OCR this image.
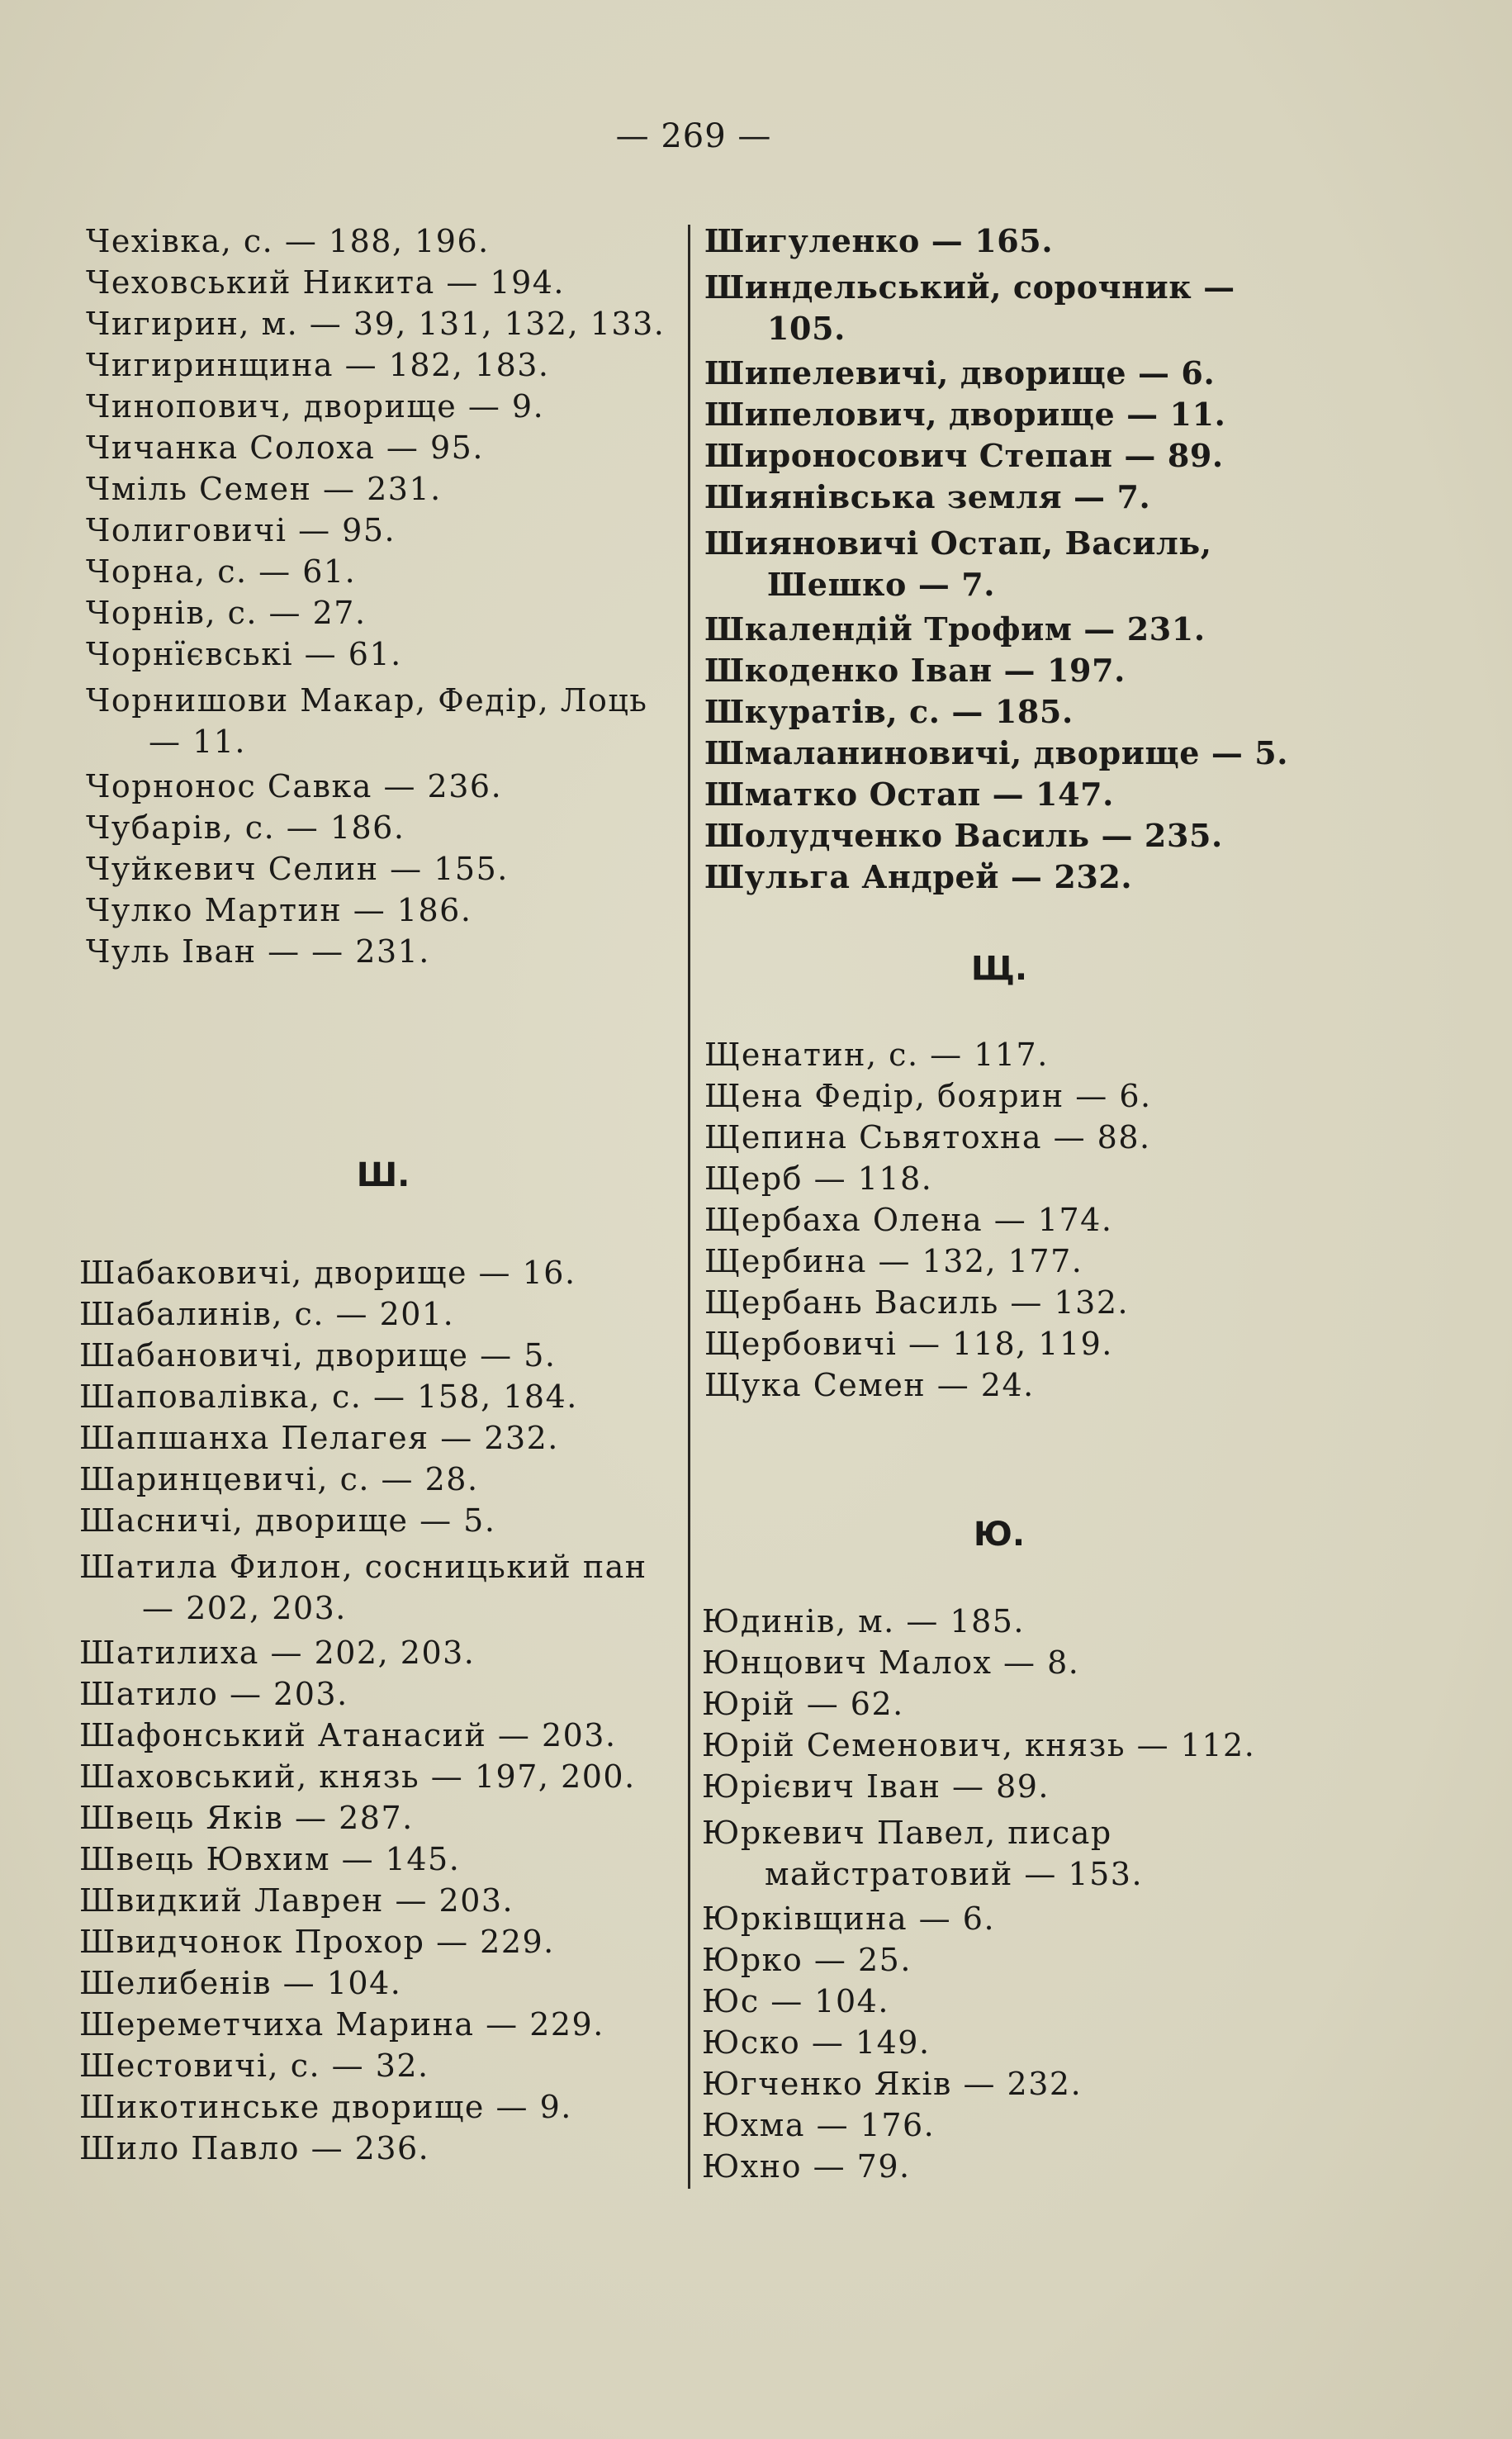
— 269 —
Чехівка, с. — 188, 196.
Чеховський Никита — 194.
Чигирин, м. — 39, 131, 132, 133.
Чигиринщина — 182, 183.
Чинопович, дворище — 9.
Чичанка Солоха — 95.
Чміль Семен — 231.
Чолиговичі — 95.
Чорна, с. — 61.
Чорнів, с. — 27.
Чорнїєвські — 61.
Чорнишови Макар, Федір, Лоць — 11.
Чорнонос Савка — 236.
Чубарів, с. — 186.
Чуйкевич Селин — 155.
Чулко Мартин — 186.
Чуль Іван — — 231.
Ш.
Шабаковичі, дворище — 16.
Шабалинів, с. — 201.
Шабановичі, дворище — 5.
Шаповалівка, с. — 158, 184.
Шапшанха Пелагея — 232.
Шаринцевичі, с. — 28.
Шасничі, дворище — 5.
Шатила Филон, сосницький пан — 202, 203.
Шатилиха — 202, 203.
Шатило — 203.
Шафонський Атанасий — 203.
Шаховський, князь — 197, 200.
Швець Яків — 287.
Швець Ювхим — 145.
Швидкий Лаврен — 203.
Швидчонок Прохор — 229.
Шелибенів — 104.
Шереметчиха Марина — 229.
Шестовичі, с. — 32.
Шикотинське дворище — 9.
Шило Павло — 236.
Шигуленко — 165.
Шиндельський, сорочник — 105.
Шипелевичі, дворище — 6.
Шипелович, дворище — 11.
Широносович Степан — 89.
Шиянівська земля — 7.
Шияновичі Остап, Василь, Шешко — 7.
Шкалендій Трофим — 231.
Шкоденко Іван — 197.
Шкуратів, с. — 185.
Шмаланиновичі, дворище — 5.
Шматко Остап — 147.
Шолудченко Василь — 235.
Шульга Андрей — 232.
Щ.
Щенатин, с. — 117.
Щена Федір, боярин — 6.
Щепина Сьвятохна — 88.
Щерб — 118.
Щербаха Олена — 174.
Щербина — 132, 177.
Щербань Василь — 132.
Щербовичі — 118, 119.
Щука Семен — 24.
Ю.
Юдинів, м. — 185.
Юнцович Малох — 8.
Юрій — 62.
Юрій Семенович, князь — 112.
Юрієвич Іван — 89.
Юркевич Павел, писар майстратовий — 153.
Юрківщина — 6.
Юрко — 25.
Юс — 104.
Юско — 149.
Югченко Яків — 232.
Юхма — 176.
Юхно — 79.
